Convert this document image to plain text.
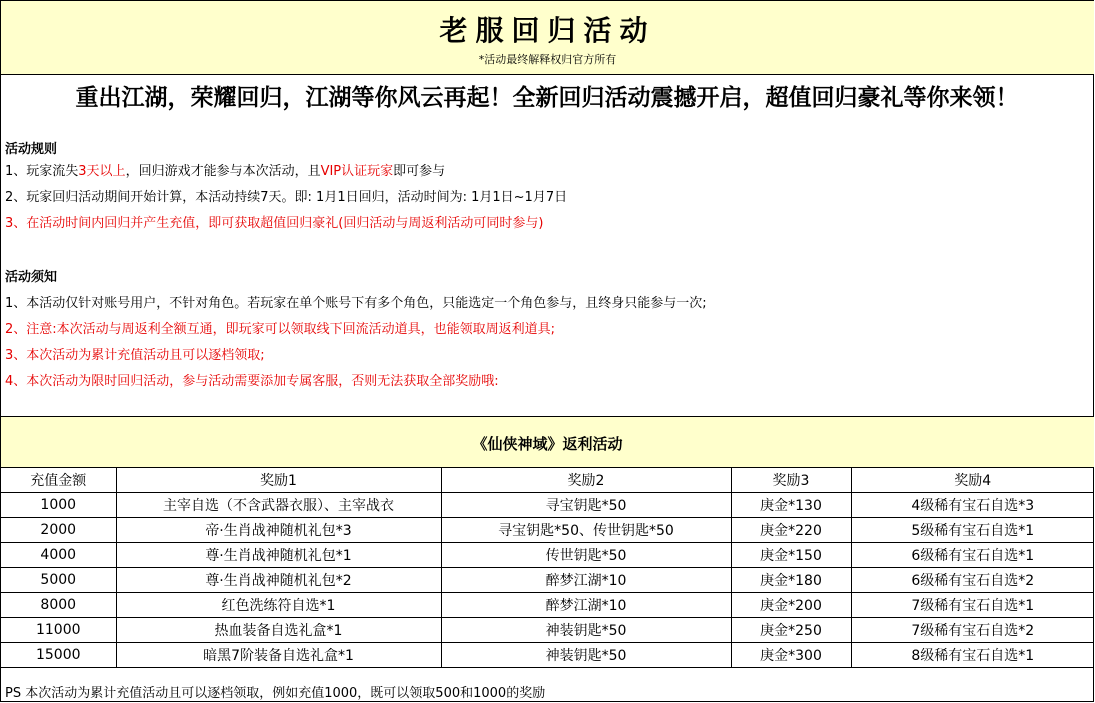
老服回归活动
*活动最终解释权归官方所有
重出江湖，荣耀回归，江湖等你风云再起！全新回归活动震撼开启，超值回归豪礼等你来领！
活动规则
1、玩家流失3天以上，回归游戏才能参与本次活动，且VIP认证玩家即可参与
2、玩家回归活动期间开始计算，本活动持续7天。即: 1月1日回归，活动时间为: 1月1日~1月7日
3、在活动时间内回归并产生充值，即可获取超值回归豪礼(回归活动与周返利活动可同时参与)
活动须知
1、本活动仅针对账号用户，不针对角色。若玩家在单个账号下有多个角色，只能选定一个角色参与，且终身只能参与一次;
2、注意:本次活动与周返利全额互通，即玩家可以领取线下回流活动道具，也能领取周返利道具;
3、本次活动为累计充值活动且可以逐档领取;
4、本次活动为限时回归活动，参与活动需要添加专属客服，否则无法获取全部奖励哦:
《仙侠神域》返利活动
充值金额	奖励1	奖励2	奖励3	奖励4
1000	主宰自选（不含武器衣服）、主宰战衣	寻宝钥匙*50	庚金*130	4级稀有宝石自选*3
2000	帝·生肖战神随机礼包*3	寻宝钥匙*50、传世钥匙*50	庚金*220	5级稀有宝石自选*1
4000	尊·生肖战神随机礼包*1	传世钥匙*50	庚金*150	6级稀有宝石自选*1
5000	尊·生肖战神随机礼包*2	醉梦江湖*10	庚金*180	6级稀有宝石自选*2
8000	红色洗练符自选*1	醉梦江湖*10	庚金*200	7级稀有宝石自选*1
11000	热血装备自选礼盒*1	神装钥匙*50	庚金*250	7级稀有宝石自选*2
15000	暗黑7阶装备自选礼盒*1	神装钥匙*50	庚金*300	8级稀有宝石自选*1
PS 本次活动为累计充值活动且可以逐档领取，例如充值1000，既可以领取500和1000的奖励
